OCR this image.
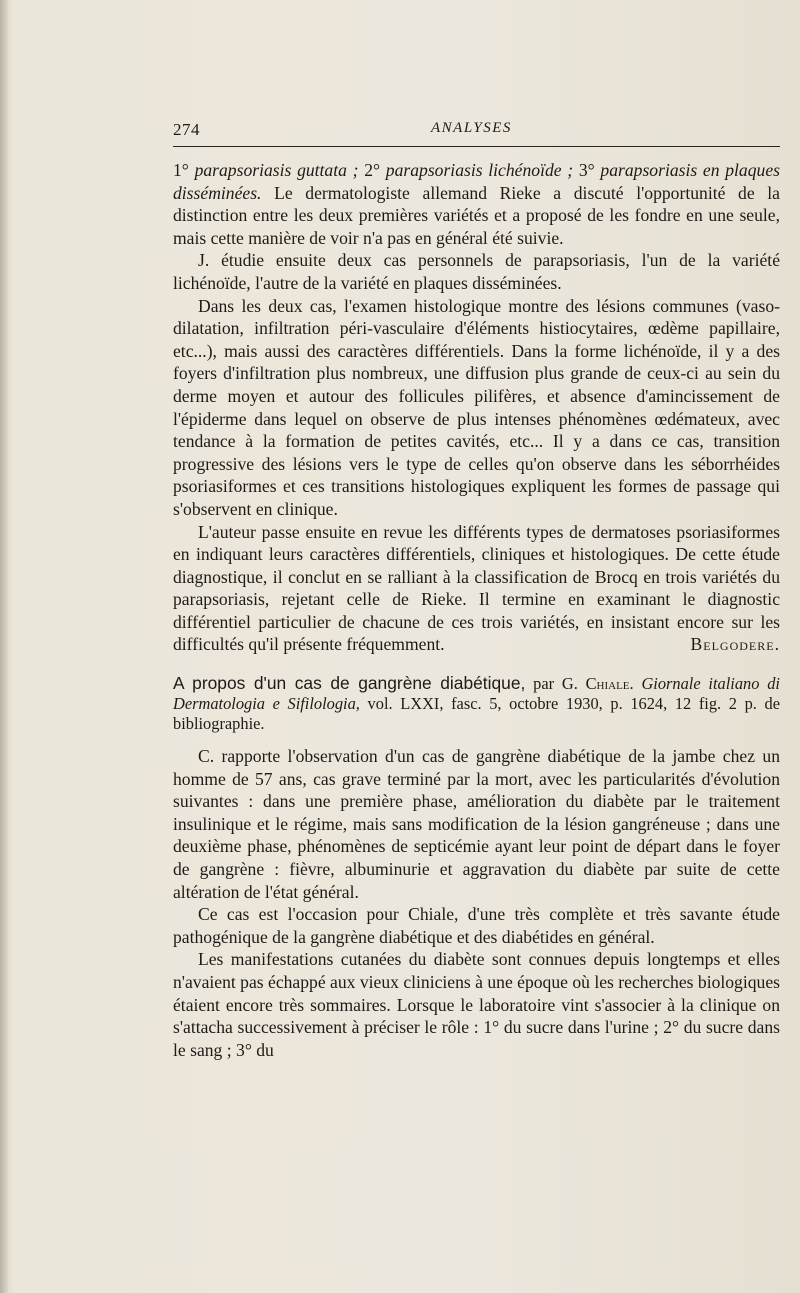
274	ANALYSES

1° parapsoriasis guttata ; 2° parapsoriasis lichénoïde ; 3° parapsoriasis en plaques disséminées. Le dermatologiste allemand Rieke a discuté l'opportunité de la distinction entre les deux premières variétés et a proposé de les fondre en une seule, mais cette manière de voir n'a pas en général été suivie.

J. étudie ensuite deux cas personnels de parapsoriasis, l'un de la variété lichénoïde, l'autre de la variété en plaques disséminées.

Dans les deux cas, l'examen histologique montre des lésions communes (vaso-dilatation, infiltration péri-vasculaire d'éléments histiocytaires, œdème papillaire, etc...), mais aussi des caractères différentiels. Dans la forme lichénoïde, il y a des foyers d'infiltration plus nombreux, une diffusion plus grande de ceux-ci au sein du derme moyen et autour des follicules pilifères, et absence d'amincissement de l'épiderme dans lequel on observe de plus intenses phénomènes œdémateux, avec tendance à la formation de petites cavités, etc... Il y a dans ce cas, transition progressive des lésions vers le type de celles qu'on observe dans les séborrhéides psoriasiformes et ces transitions histologiques expliquent les formes de passage qui s'observent en clinique.

L'auteur passe ensuite en revue les différents types de dermatoses psoriasiformes en indiquant leurs caractères différentiels, cliniques et histologiques. De cette étude diagnostique, il conclut en se ralliant à la classification de Brocq en trois variétés du parapsoriasis, rejetant celle de Rieke. Il termine en examinant le diagnostic différentiel particulier de chacune de ces trois variétés, en insistant encore sur les difficultés qu'il présente fréquemment.	Belgodere.

A propos d'un cas de gangrène diabétique, par G. Chiale. Giornale italiano di Dermatologia e Sifilologia, vol. LXXI, fasc. 5, octobre 1930, p. 1624, 12 fig. 2 p. de bibliographie.

C. rapporte l'observation d'un cas de gangrène diabétique de la jambe chez un homme de 57 ans, cas grave terminé par la mort, avec les particularités d'évolution suivantes : dans une première phase, amélioration du diabète par le traitement insulinique et le régime, mais sans modification de la lésion gangréneuse ; dans une deuxième phase, phénomènes de septicémie ayant leur point de départ dans le foyer de gangrène : fièvre, albuminurie et aggravation du diabète par suite de cette altération de l'état général.

Ce cas est l'occasion pour Chiale, d'une très complète et très savante étude pathogénique de la gangrène diabétique et des diabétides en général.

Les manifestations cutanées du diabète sont connues depuis longtemps et elles n'avaient pas échappé aux vieux cliniciens à une époque où les recherches biologiques étaient encore très sommaires. Lorsque le laboratoire vint s'associer à la clinique on s'attacha successivement à préciser le rôle : 1° du sucre dans l'urine ; 2° du sucre dans le sang ; 3° du
